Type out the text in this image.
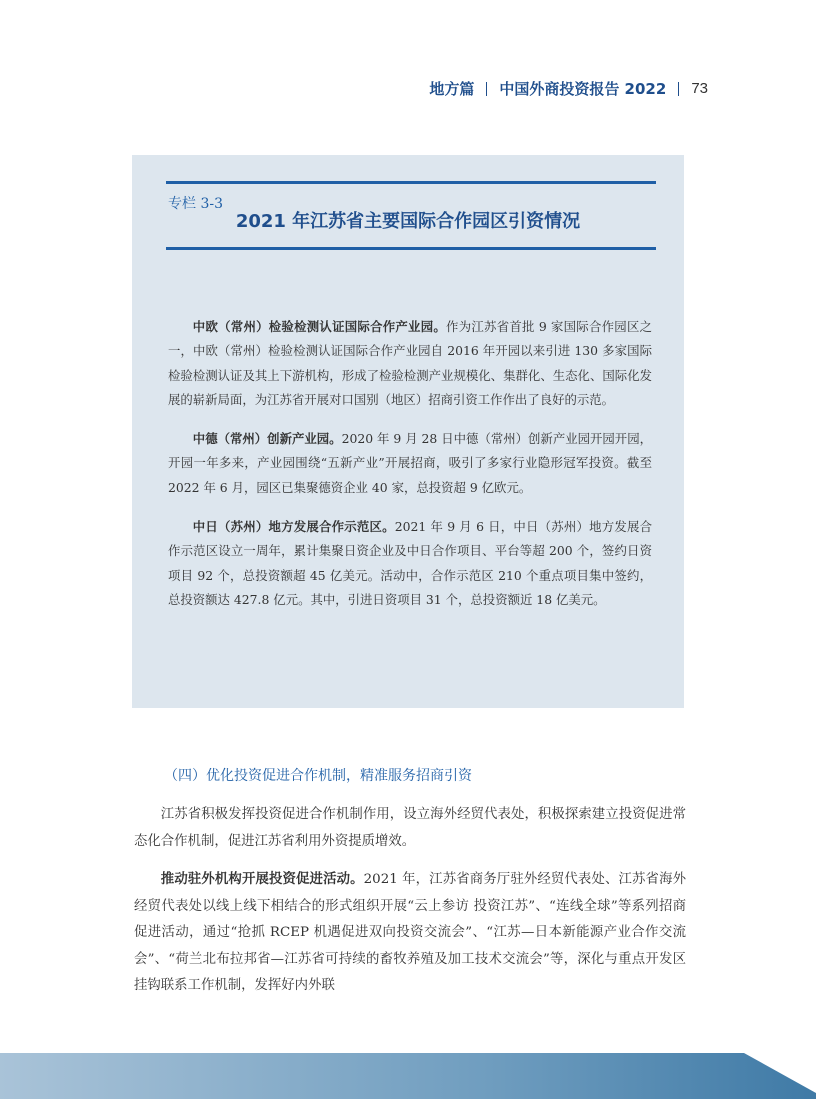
地方篇 中国外商投资报告 2022 73
专栏 3-3
2021 年江苏省主要国际合作园区引资情况

中欧（常州）检验检测认证国际合作产业园。作为江苏省首批 9 家国际合作园区之一，中欧（常州）检验检测认证国际合作产业园自 2016 年开园以来引进 130 多家国际检验检测认证及其上下游机构，形成了检验检测产业规模化、集群化、生态化、国际化发展的崭新局面，为江苏省开展对口国别（地区）招商引资工作作出了良好的示范。

中德（常州）创新产业园。2020 年 9 月 28 日中德（常州）创新产业园开园开园，开园一年多来，产业园围绕“五新产业”开展招商，吸引了多家行业隐形冠军投资。截至 2022 年 6 月，园区已集聚德资企业 40 家，总投资超 9 亿欧元。

中日（苏州）地方发展合作示范区。2021 年 9 月 6 日，中日（苏州）地方发展合作示范区设立一周年，累计集聚日资企业及中日合作项目、平台等超 200 个，签约日资项目 92 个，总投资额超 45 亿美元。活动中，合作示范区 210 个重点项目集中签约，总投资额达 427.8 亿元。其中，引进日资项目 31 个，总投资额近 18 亿美元。

（四）优化投资促进合作机制，精准服务招商引资

江苏省积极发挥投资促进合作机制作用，设立海外经贸代表处，积极探索建立投资促进常态化合作机制，促进江苏省利用外资提质增效。

推动驻外机构开展投资促进活动。2021 年，江苏省商务厅驻外经贸代表处、江苏省海外经贸代表处以线上线下相结合的形式组织开展“云上参访 投资江苏”、“连线全球”等系列招商促进活动，通过“抢抓 RCEP 机遇促进双向投资交流会”、“江苏—日本新能源产业合作交流会”、“荷兰北布拉邦省—江苏省可持续的畜牧养殖及加工技术交流会”等，深化与重点开发区挂钩联系工作机制，发挥好内外联
